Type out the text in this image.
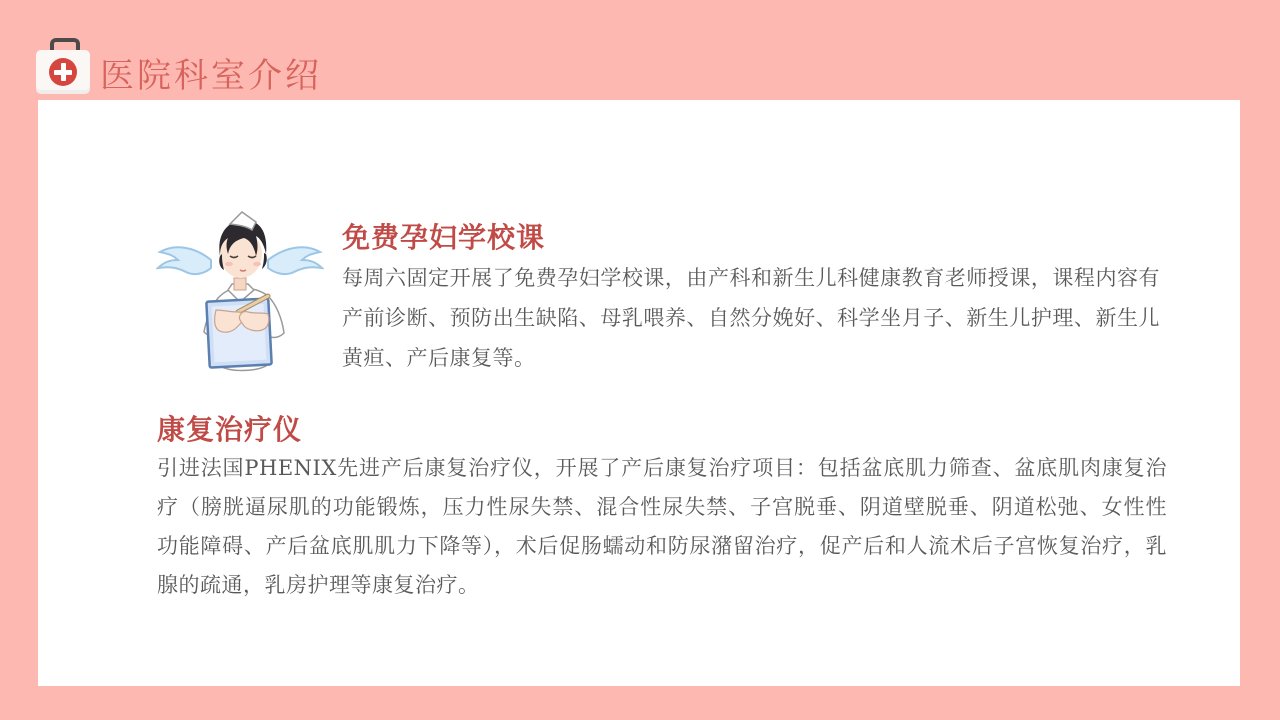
医院科室介绍
免费孕妇学校课
每周六固定开展了免费孕妇学校课，由产科和新生儿科健康教育老师授课，课程内容有产前诊断、预防出生缺陷、母乳喂养、自然分娩好、科学坐月子、新生儿护理、新生儿黄疸、产后康复等。
康复治疗仪
引进法国PHENIX先进产后康复治疗仪，开展了产后康复治疗项目：包括盆底肌力筛查、盆底肌肉康复治疗（膀胱逼尿肌的功能锻炼，压力性尿失禁、混合性尿失禁、子宫脱垂、阴道壁脱垂、阴道松弛、女性性功能障碍、产后盆底肌肌力下降等），术后促肠蠕动和防尿潴留治疗，促产后和人流术后子宫恢复治疗，乳腺的疏通，乳房护理等康复治疗。
